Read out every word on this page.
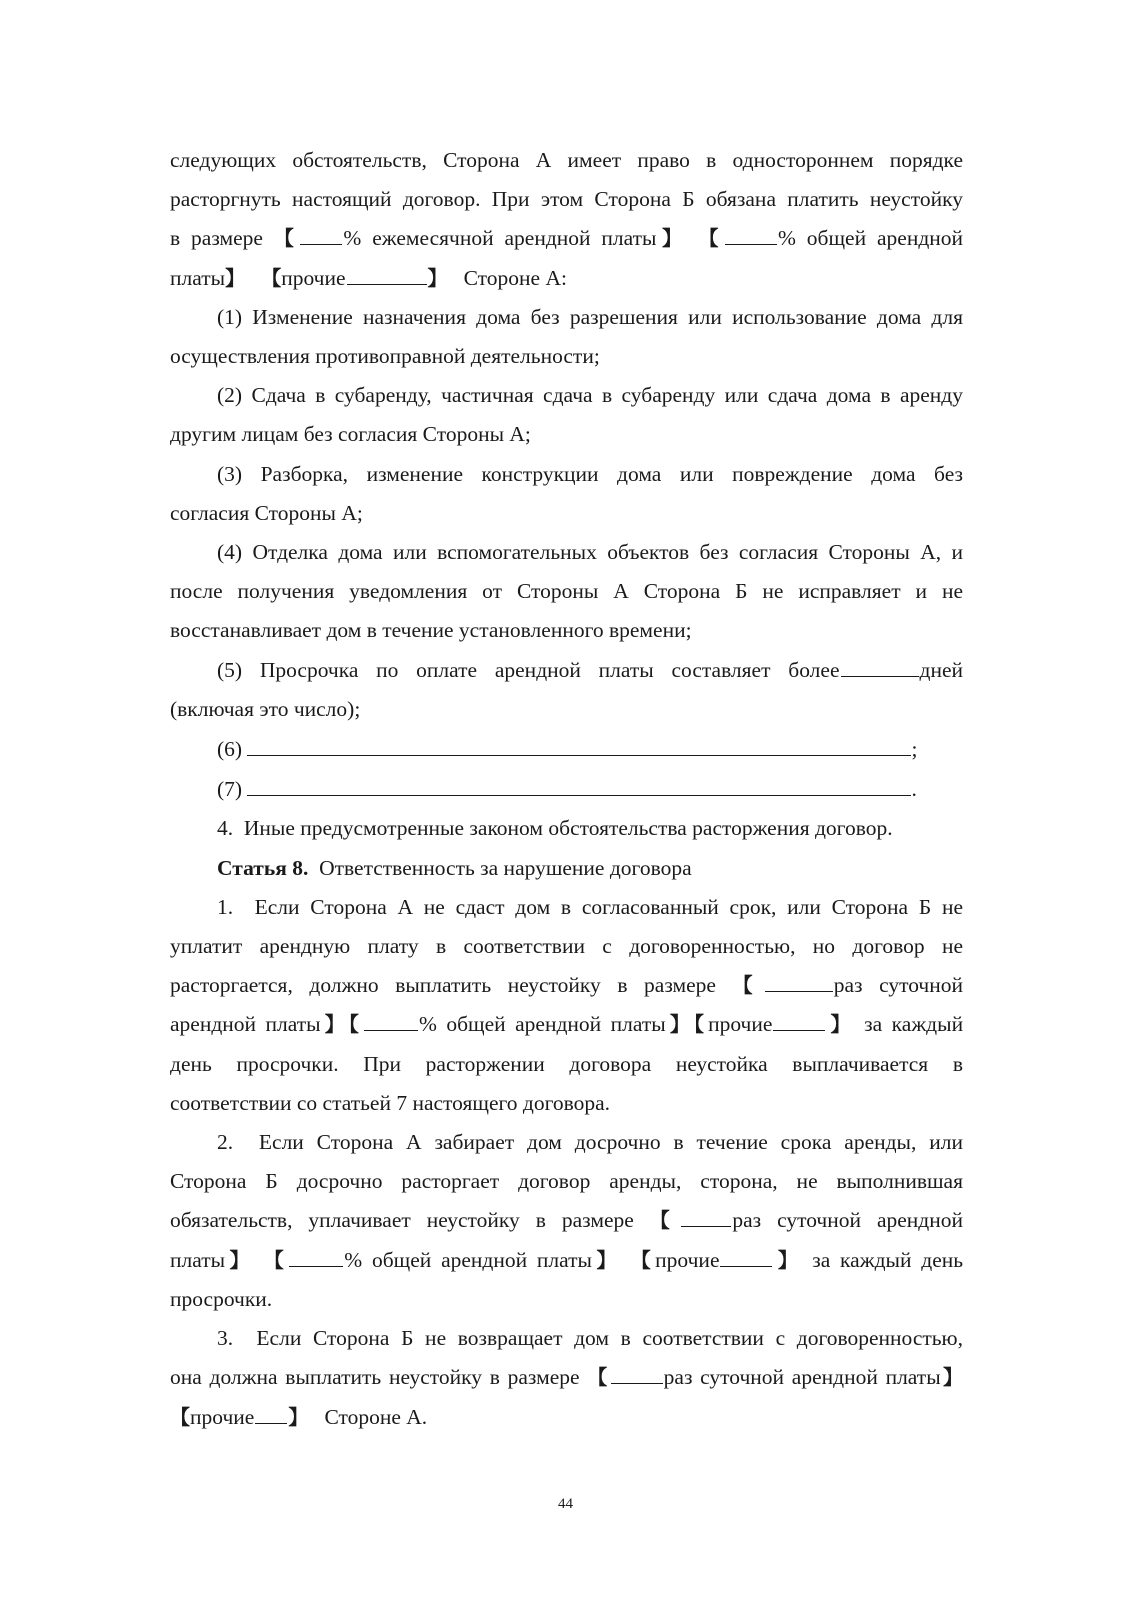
следующих обстоятельств, Сторона А имеет право в одностороннем порядке
расторгнуть настоящий договор. При этом Сторона Б обязана платить неустойку
в размере 【 % ежемесячной арендной платы】 【	% общей арендной
платы】 【прочие	】 Стороне А:
(1) Изменение назначения дома без разрешения или использование дома для
осуществления противоправной деятельности;
(2) Сдача в субаренду, частичная сдача в субаренду или сдача дома в аренду
другим лицам без согласия Стороны А;
(3) Разборка, изменение конструкции дома или повреждение дома без
согласия Стороны А;
(4) Отделка дома или вспомогательных объектов без согласия Стороны А, и
после получения уведомления от Стороны А Сторона Б не исправляет и не
восстанавливает дом в течение установленного времени;
(5) Просрочка по оплате арендной платы составляет более	дней
(включая это число);
(6)	;
(7)	.
4.  Иные предусмотренные законом обстоятельства расторжения договор.
Статья 8. Ответственность за нарушение договора
1.  Если Сторона А не сдаст дом в согласованный срок, или Сторона Б не
уплатит арендную плату в соответствии с договоренностью, но договор не
расторгается, должно выплатить неустойку в размере 【	раз суточной
арендной платы】【	% общей арендной платы】【прочие	】 за каждый
день просрочки. При расторжении договора неустойка выплачивается в
соответствии со статьей 7 настоящего договора.
2.  Если Сторона А забирает дом досрочно в течение срока аренды, или
Сторона Б досрочно расторгает договор аренды, сторона, не выполнившая
обязательств, уплачивает неустойку в размере 【 раз суточной арендной
платы】 【	% общей арендной платы】 【прочие	】 за каждый день
просрочки.
3.  Если Сторона Б не возвращает дом в соответствии с договоренностью,
она должна выплатить неустойку в размере 【	раз суточной арендной платы】
【прочие 】 Стороне А.
44
